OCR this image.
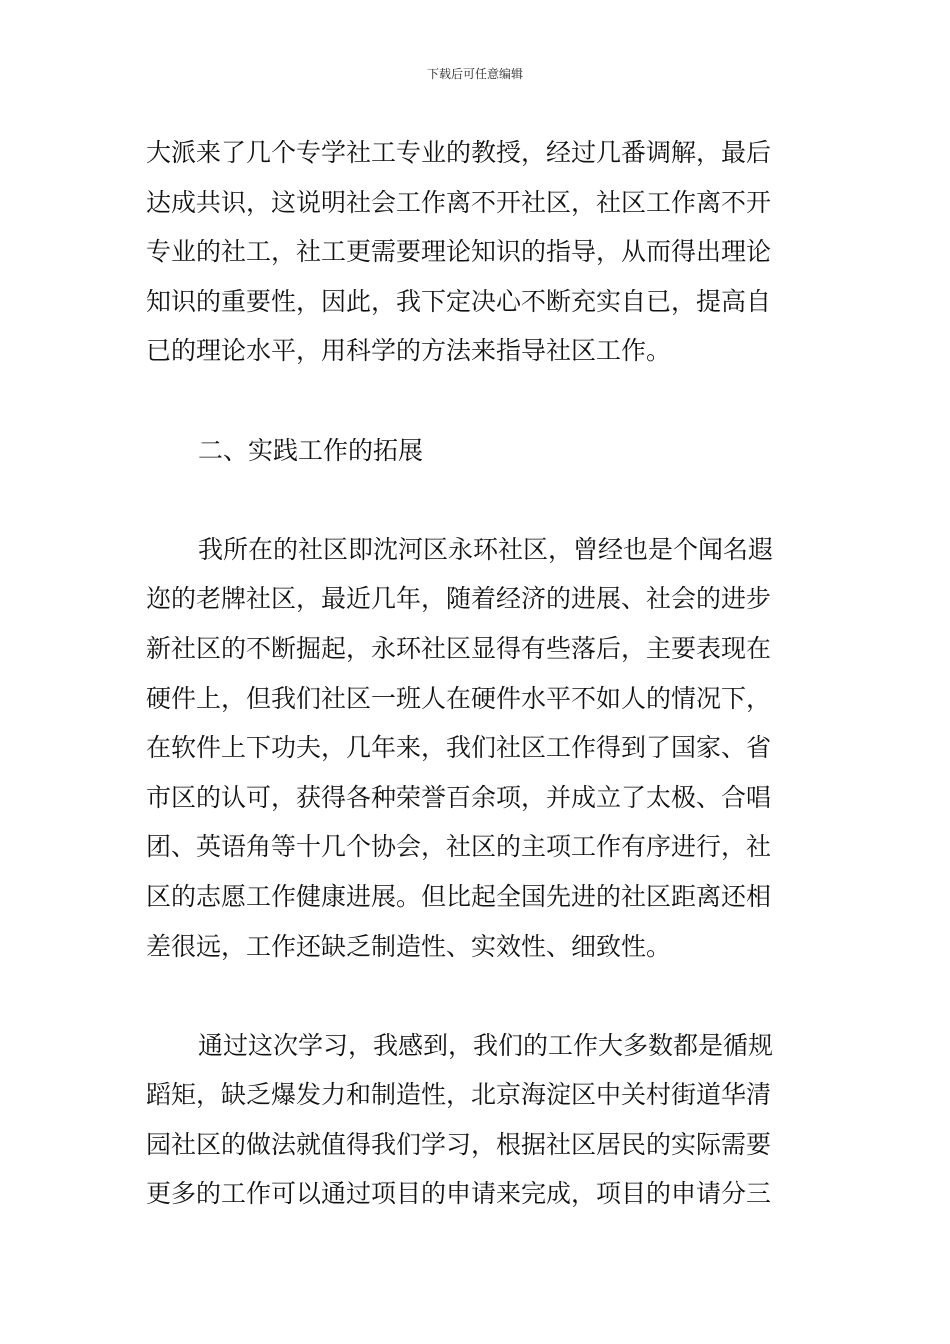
下载后可任意编辑
大派来了几个专学社工专业的教授，经过几番调解，最后
达成共识，这说明社会工作离不开社区，社区工作离不开
专业的社工，社工更需要理论知识的指导，从而得出理论
知识的重要性，因此，我下定决心不断充实自已，提高自
已的理论水平，用科学的方法来指导社区工作。
二、实践工作的拓展
我所在的社区即沈河区永环社区，曾经也是个闻名遐
迩的老牌社区，最近几年，随着经济的进展、社会的进步
新社区的不断掘起，永环社区显得有些落后，主要表现在
硬件上，但我们社区一班人在硬件水平不如人的情况下，
在软件上下功夫，几年来，我们社区工作得到了国家、省
市区的认可，获得各种荣誉百余项，并成立了太极、合唱
团、英语角等十几个协会，社区的主项工作有序进行，社
区的志愿工作健康进展。但比起全国先进的社区距离还相
差很远，工作还缺乏制造性、实效性、细致性。
通过这次学习，我感到，我们的工作大多数都是循规
蹈矩，缺乏爆发力和制造性，北京海淀区中关村街道华清
园社区的做法就值得我们学习，根据社区居民的实际需要
更多的工作可以通过项目的申请来完成，项目的申请分三
